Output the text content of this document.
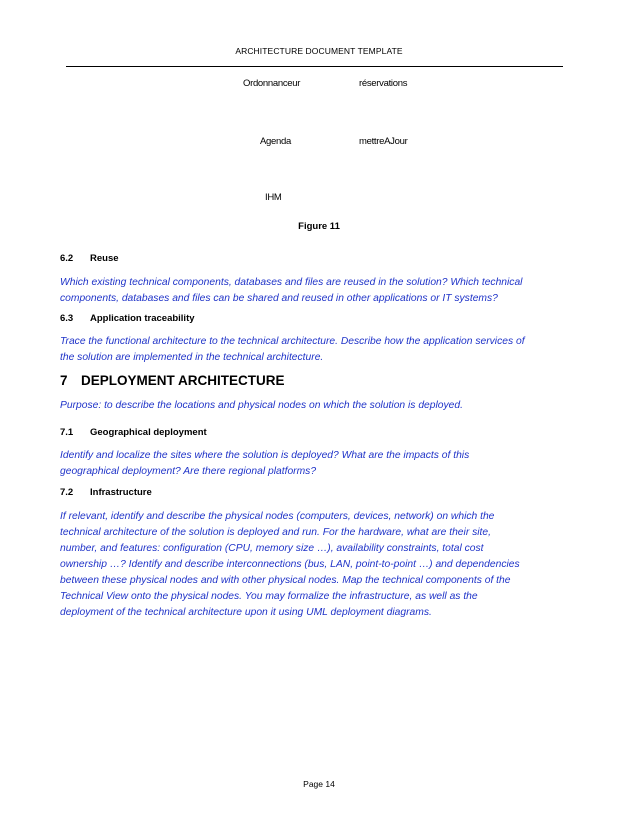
ARCHITECTURE DOCUMENT TEMPLATE
Ordonnanceur	réservations
Agenda	mettreAJour
IHM
Figure 11
6.2 Reuse
Which existing technical components, databases and files are reused in the solution? Which technical
components, databases and files can be shared and reused in other applications or IT systems?
6.3 Application traceability
Trace the functional architecture to the technical architecture. Describe how the application services of
the solution are implemented in the technical architecture.
7 DEPLOYMENT ARCHITECTURE
Purpose: to describe the locations and physical nodes on which the solution is deployed.
7.1 Geographical deployment
Identify and localize the sites where the solution is deployed? What are the impacts of this
geographical deployment? Are there regional platforms?
7.2 Infrastructure
If relevant, identify and describe the physical nodes (computers, devices, network) on which the
technical architecture of the solution is deployed and run. For the hardware, what are their site,
number, and features: configuration (CPU, memory size …), availability constraints, total cost
ownership …? Identify and describe interconnections (bus, LAN, point-to-point …) and dependencies
between these physical nodes and with other physical nodes. Map the technical components of the
Technical View onto the physical nodes. You may formalize the infrastructure, as well as the
deployment of the technical architecture upon it using UML deployment diagrams.
Page 14
